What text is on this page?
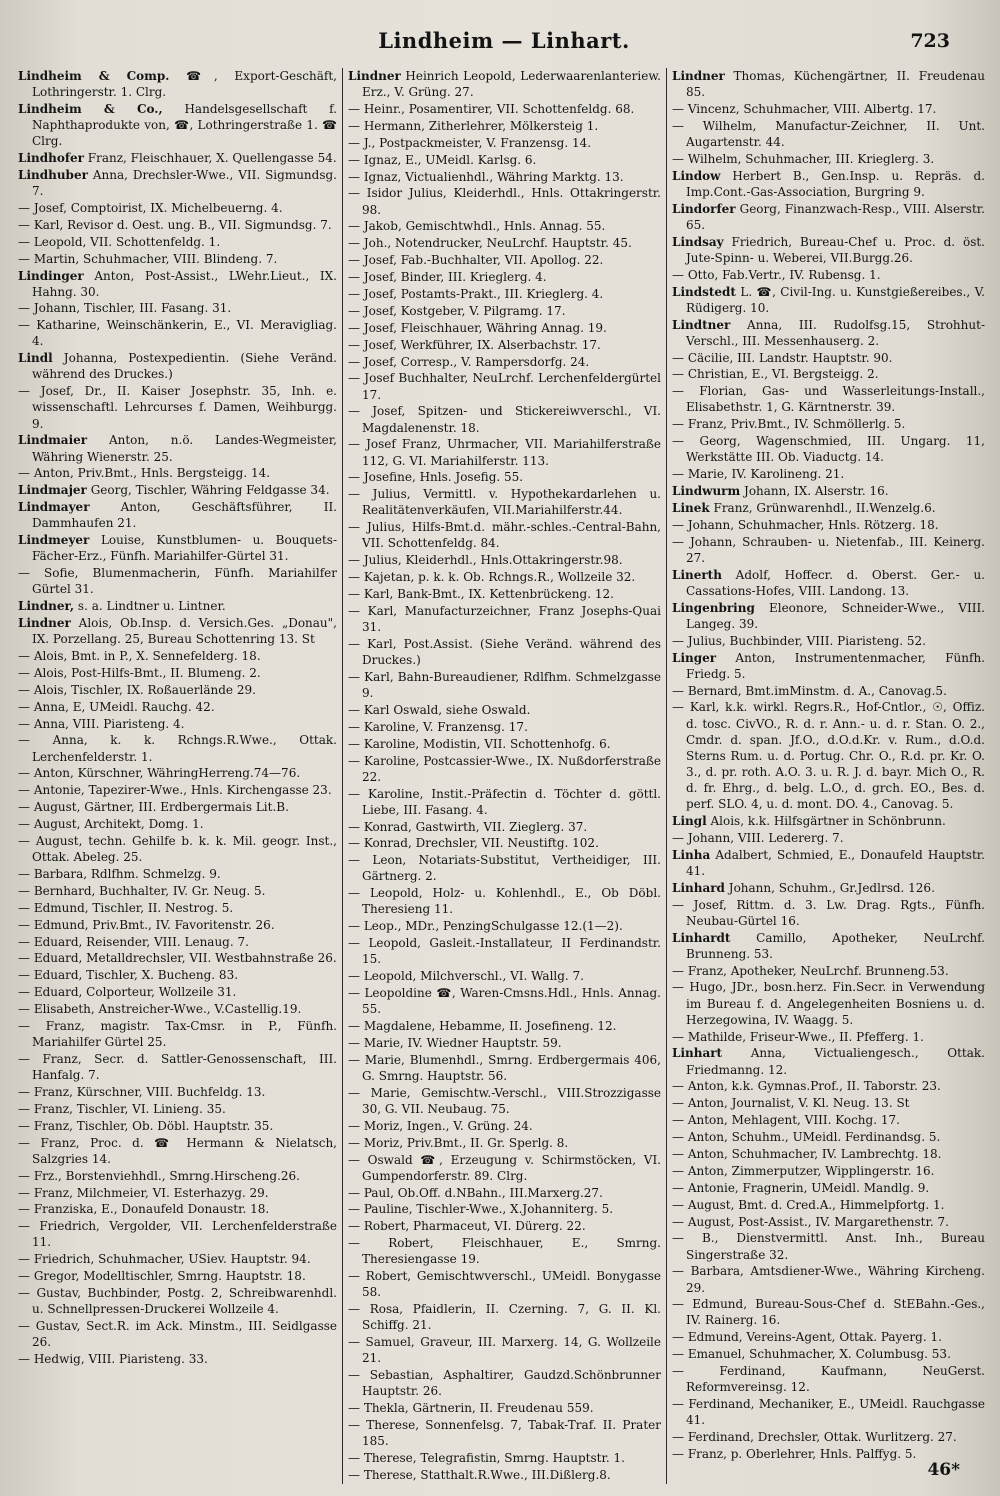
Lindheim — Linhart.	723

Lindheim & Comp. ☎, Export-Geschäft, Lothringerstr. 1. Clrg.

Lindheim & Co., Handelsgesellschaft f. Naphthaprodukte von, ☎, Lothringerstraße 1. ☎ Clrg.

Lindhofer Franz, Fleischhauer, X. Quellengasse 54.

Lindhuber Anna, Drechsler-Wwe., VII. Sigmundsg. 7.

— Josef, Comptoirist, IX. Michelbeuerng. 4.

— Karl, Revisor d. Oest. ung. B., VII. Sigmundsg. 7.

— Leopold, VII. Schottenfeldg. 1.

— Martin, Schuhmacher, VIII. Blindeng. 7.

Lindinger Anton, Post-Assist., LWehr.Lieut., IX. Hahng. 30.

— Johann, Tischler, III. Fasang. 31.

— Katharine, Weinschänkerin, E., VI. Meravigliag. 4.

Lindl Johanna, Postexpedientin. (Siehe Veränd. während des Druckes.)

— Josef, Dr., II. Kaiser Josephstr. 35, Inh. e. wissenschaftl. Lehrcurses f. Damen, Weihburgg. 9.

Lindmaier Anton, n.ö. Landes-Wegmeister, Währing Wienerstr. 25.

— Anton, Priv.Bmt., Hnls. Bergsteigg. 14.

Lindmajer Georg, Tischler, Währing Feldgasse 34.

Lindmayer Anton, Geschäftsführer, II. Dammhaufen 21.

Lindmeyer Louise, Kunstblumen- u. Bouquets-Fächer-Erz., Fünfh. Mariahilfer-Gürtel 31.

— Sofie, Blumenmacherin, Fünfh. Mariahilfer Gürtel 31.

Lindner, s. a. Lindtner u. Lintner.

Lindner Alois, Ob.Insp. d. Versich.Ges. „Donau", IX. Porzellang. 25, Bureau Schottenring 13. St

— Alois, Bmt. in P., X. Sennefelderg. 18.

— Alois, Post-Hilfs-Bmt., II. Blumeng. 2.

— Alois, Tischler, IX. Roßauerlände 29.

— Anna, E, UMeidl. Rauchg. 42.

— Anna, VIII. Piaristeng. 4.

— Anna, k. k. Rchngs.R.Wwe., Ottak. Lerchenfelderstr. 1.

— Anton, Kürschner, WähringHerreng.74—76.

— Antonie, Tapezirer-Wwe., Hnls. Kirchengasse 23.

— August, Gärtner, III. Erdbergermais Lit.B.

— August, Architekt, Domg. 1.

— August, techn. Gehilfe b. k. k. Mil. geogr. Inst., Ottak. Abeleg. 25.

— Barbara, Rdlfhm. Schmelzg. 9.

— Bernhard, Buchhalter, IV. Gr. Neug. 5.

— Edmund, Tischler, II. Nestrog. 5.

— Edmund, Priv.Bmt., IV. Favoritenstr. 26.

— Eduard, Reisender, VIII. Lenaug. 7.

— Eduard, Metalldrechsler, VII. Westbahnstraße 26.

— Eduard, Tischler, X. Bucheng. 83.

— Eduard, Colporteur, Wollzeile 31.

— Elisabeth, Anstreicher-Wwe., V.Castellig.19.

— Franz, magistr. Tax-Cmsr. in P., Fünfh. Mariahilfer Gürtel 25.

— Franz, Secr. d. Sattler-Genossenschaft, III. Hanfalg. 7.

— Franz, Kürschner, VIII. Buchfeldg. 13.

— Franz, Tischler, VI. Linieng. 35.

— Franz, Tischler, Ob. Döbl. Hauptstr. 35.

— Franz, Proc. d. ☎ Hermann & Nielatsch, Salzgries 14.

— Frz., Borstenviehhdl., Smrng.Hirscheng.26.

— Franz, Milchmeier, VI. Esterhazyg. 29.

— Franziska, E., Donaufeld Donaustr. 18.

— Friedrich, Vergolder, VII. Lerchenfelderstraße 11.

— Friedrich, Schuhmacher, USiev. Hauptstr. 94.

— Gregor, Modelltischler, Smrng. Hauptstr. 18.

— Gustav, Buchbinder, Postg. 2, Schreibwarenhdl. u. Schnellpressen-Druckerei Wollzeile 4.

— Gustav, Sect.R. im Ack. Minstm., III. Seidlgasse 26.

— Hedwig, VIII. Piaristeng. 33.

Lindner Heinrich Leopold, Lederwaarenlanteriew. Erz., V. Grüng. 27.

— Heinr., Posamentirer, VII. Schottenfeldg. 68.

— Hermann, Zitherlehrer, Mölkersteig 1.

— J., Postpackmeister, V. Franzensg. 14.

— Ignaz, E., UMeidl. Karlsg. 6.

— Ignaz, Victualienhdl., Währing Marktg. 13.

— Isidor Julius, Kleiderhdl., Hnls. Ottakringerstr. 98.

— Jakob, Gemischtwhdl., Hnls. Annag. 55.

— Joh., Notendrucker, NeuLrchf. Hauptstr. 45.

— Josef, Fab.-Buchhalter, VII. Apollog. 22.

— Josef, Binder, III. Krieglerg. 4.

— Josef, Postamts-Prakt., III. Krieglerg. 4.

— Josef, Kostgeber, V. Pilgramg. 17.

— Josef, Fleischhauer, Währing Annag. 19.

— Josef, Werkführer, IX. Alserbachstr. 17.

— Josef, Corresp., V. Rampersdorfg. 24.

— Josef Buchhalter, NeuLrchf. Lerchenfeldergürtel 17.

— Josef, Spitzen- und Stickereiwverschl., VI. Magdalenenstr. 18.

— Josef Franz, Uhrmacher, VII. Mariahilferstraße 112, G. VI. Mariahilferstr. 113.

— Josefine, Hnls. Josefig. 55.

— Julius, Vermittl. v. Hypothekardarlehen u. Realitätenverkäufen, VII.Mariahilferstr.44.

— Julius, Hilfs-Bmt.d. mähr.-schles.-Central-Bahn, VII. Schottenfeldg. 84.

— Julius, Kleiderhdl., Hnls.Ottakringerstr.98.

— Kajetan, p. k. k. Ob. Rchngs.R., Wollzeile 32.

— Karl, Bank-Bmt., IX. Kettenbrückeng. 12.

— Karl, Manufacturzeichner, Franz Josephs-Quai 31.

— Karl, Post.Assist. (Siehe Veränd. während des Druckes.)

— Karl, Bahn-Bureaudiener, Rdlfhm. Schmelzgasse 9.

— Karl Oswald, siehe Oswald.

— Karoline, V. Franzensg. 17.

— Karoline, Modistin, VII. Schottenhofg. 6.

— Karoline, Postcassier-Wwe., IX. Nußdorferstraße 22.

— Karoline, Instit.-Präfectin d. Töchter d. göttl. Liebe, III. Fasang. 4.

— Konrad, Gastwirth, VII. Zieglerg. 37.

— Konrad, Drechsler, VII. Neustiftg. 102.

— Leon, Notariats-Substitut, Vertheidiger, III. Gärtnerg. 2.

— Leopold, Holz- u. Kohlenhdl., E., Ob Döbl. Theresieng 11.

— Leop., MDr., PenzingSchulgasse 12.(1—2).

— Leopold, Gasleit.-Installateur, II Ferdinandstr. 15.

— Leopold, Milchverschl., VI. Wallg. 7.

— Leopoldine ☎, Waren-Cmsns.Hdl., Hnls. Annag. 55.

— Magdalene, Hebamme, II. Josefineng. 12.

— Marie, IV. Wiedner Hauptstr. 59.

— Marie, Blumenhdl., Smrng. Erdbergermais 406, G. Smrng. Hauptstr. 56.

— Marie, Gemischtw.-Verschl., VIII.Strozzigasse 30, G. VII. Neubaug. 75.

— Moriz, Ingen., V. Grüng. 24.

— Moriz, Priv.Bmt., II. Gr. Sperlg. 8.

— Oswald ☎, Erzeugung v. Schirmstöcken, VI. Gumpendorferstr. 89. Clrg.

— Paul, Ob.Off. d.NBahn., III.Marxerg.27.

— Pauline, Tischler-Wwe., X.Johanniterg. 5.

— Robert, Pharmaceut, VI. Dürerg. 22.

— Robert, Fleischhauer, E., Smrng. Theresiengasse 19.

— Robert, Gemischtwverschl., UMeidl. Bonygasse 58.

— Rosa, Pfaidlerin, II. Czerning. 7, G. II. Kl. Schiffg. 21.

— Samuel, Graveur, III. Marxerg. 14, G. Wollzeile 21.

— Sebastian, Asphaltirer, Gaudzd.Schönbrunner Hauptstr. 26.

— Thekla, Gärtnerin, II. Freudenau 559.

— Therese, Sonnenfelsg. 7, Tabak-Traf. II. Prater 185.

— Therese, Telegrafistin, Smrng. Hauptstr. 1.

— Therese, Statthalt.R.Wwe., III.Dißlerg.8.

Lindner Thomas, Küchengärtner, II. Freudenau 85.

— Vincenz, Schuhmacher, VIII. Albertg. 17.

— Wilhelm, Manufactur-Zeichner, II. Unt. Augartenstr. 44.

— Wilhelm, Schuhmacher, III. Krieglerg. 3.

Lindow Herbert B., Gen.Insp. u. Repräs. d. Imp.Cont.-Gas-Association, Burgring 9.

Lindorfer Georg, Finanzwach-Resp., VIII. Alserstr. 65.

Lindsay Friedrich, Bureau-Chef u. Proc. d. öst. Jute-Spinn- u. Weberei, VII.Burgg.26.

— Otto, Fab.Vertr., IV. Rubensg. 1.

Lindstedt L. ☎, Civil-Ing. u. Kunstgießereibes., V. Rüdigerg. 10.

Lindtner Anna, III. Rudolfsg.15, Strohhut-Verschl., III. Messenhauserg. 2.

— Cäcilie, III. Landstr. Hauptstr. 90.

— Christian, E., VI. Bergsteigg. 2.

— Florian, Gas- und Wasserleitungs-Install., Elisabethstr. 1, G. Kärntnerstr. 39.

— Franz, Priv.Bmt., IV. Schmöllerlg. 5.

— Georg, Wagenschmied, III. Ungarg. 11, Werkstätte III. Ob. Viaductg. 14.

— Marie, IV. Karolineng. 21.

Lindwurm Johann, IX. Alserstr. 16.

Linek Franz, Grünwarenhdl., II.Wenzelg.6.

— Johann, Schuhmacher, Hnls. Rötzerg. 18.

— Johann, Schrauben- u. Nietenfab., III. Keinerg. 27.

Linerth Adolf, Hoffecr. d. Oberst. Ger.- u. Cassations-Hofes, VIII. Landong. 13.

Lingenbring Eleonore, Schneider-Wwe., VIII. Langeg. 39.

— Julius, Buchbinder, VIII. Piaristeng. 52.

Linger Anton, Instrumentenmacher, Fünfh. Friedg. 5.

— Bernard, Bmt.imMinstm. d. A., Canovag.5.

— Karl, k.k. wirkl. Regrs.R., Hof-Cntlor., ☉, Offiz. d. tosc. CivVO., R. d. r. Ann.- u. d. r. Stan. O. 2., Cmdr. d. span. Jf.O., d.O.d.Kr. v. Rum., d.O.d. Sterns Rum. u. d. Portug. Chr. O., R.d. pr. Kr. O. 3., d. pr. roth. A.O. 3. u. R. J. d. bayr. Mich O., R. d. fr. Ehrg., d. belg. L.O., d. grch. EO., Bes. d. perf. SLO. 4, u. d. mont. DO. 4., Canovag. 5.

Lingl Alois, k.k. Hilfsgärtner in Schönbrunn.

— Johann, VIII. Ledererg. 7.

Linha Adalbert, Schmied, E., Donaufeld Hauptstr. 41.

Linhard Johann, Schuhm., Gr.Jedlrsd. 126.

— Josef, Rittm. d. 3. Lw. Drag. Rgts., Fünfh. Neubau-Gürtel 16.

Linhardt Camillo, Apotheker, NeuLrchf. Brunneng. 53.

— Franz, Apotheker, NeuLrchf. Brunneng.53.

— Hugo, JDr., bosn.herz. Fin.Secr. in Verwendung im Bureau f. d. Angelegenheiten Bosniens u. d. Herzegowina, IV. Waagg. 5.

— Mathilde, Friseur-Wwe., II. Pfefferg. 1.

Linhart Anna, Victualiengesch., Ottak. Friedmanng. 12.

— Anton, k.k. Gymnas.Prof., II. Taborstr. 23.

— Anton, Journalist, V. Kl. Neug. 13. St

— Anton, Mehlagent, VIII. Kochg. 17.

— Anton, Schuhm., UMeidl. Ferdinandsg. 5.

— Anton, Schuhmacher, IV. Lambrechtg. 18.

— Anton, Zimmerputzer, Wipplingerstr. 16.

— Antonie, Fragnerin, UMeidl. Mandlg. 9.

— August, Bmt. d. Cred.A., Himmelpfortg. 1.

— August, Post-Assist., IV. Margarethenstr. 7.

— B., Dienstvermittl. Anst. Inh., Bureau Singerstraße 32.

— Barbara, Amtsdiener-Wwe., Währing Kircheng. 29.

— Edmund, Bureau-Sous-Chef d. StEBahn.-Ges., IV. Rainerg. 16.

— Edmund, Vereins-Agent, Ottak. Payerg. 1.

— Emanuel, Schuhmacher, X. Columbusg. 53.

— Ferdinand, Kaufmann, NeuGerst. Reformvereinsg. 12.

— Ferdinand, Mechaniker, E., UMeidl. Rauchgasse 41.

— Ferdinand, Drechsler, Ottak. Wurlitzerg. 27.

— Franz, p. Oberlehrer, Hnls. Palffyg. 5.

46*
